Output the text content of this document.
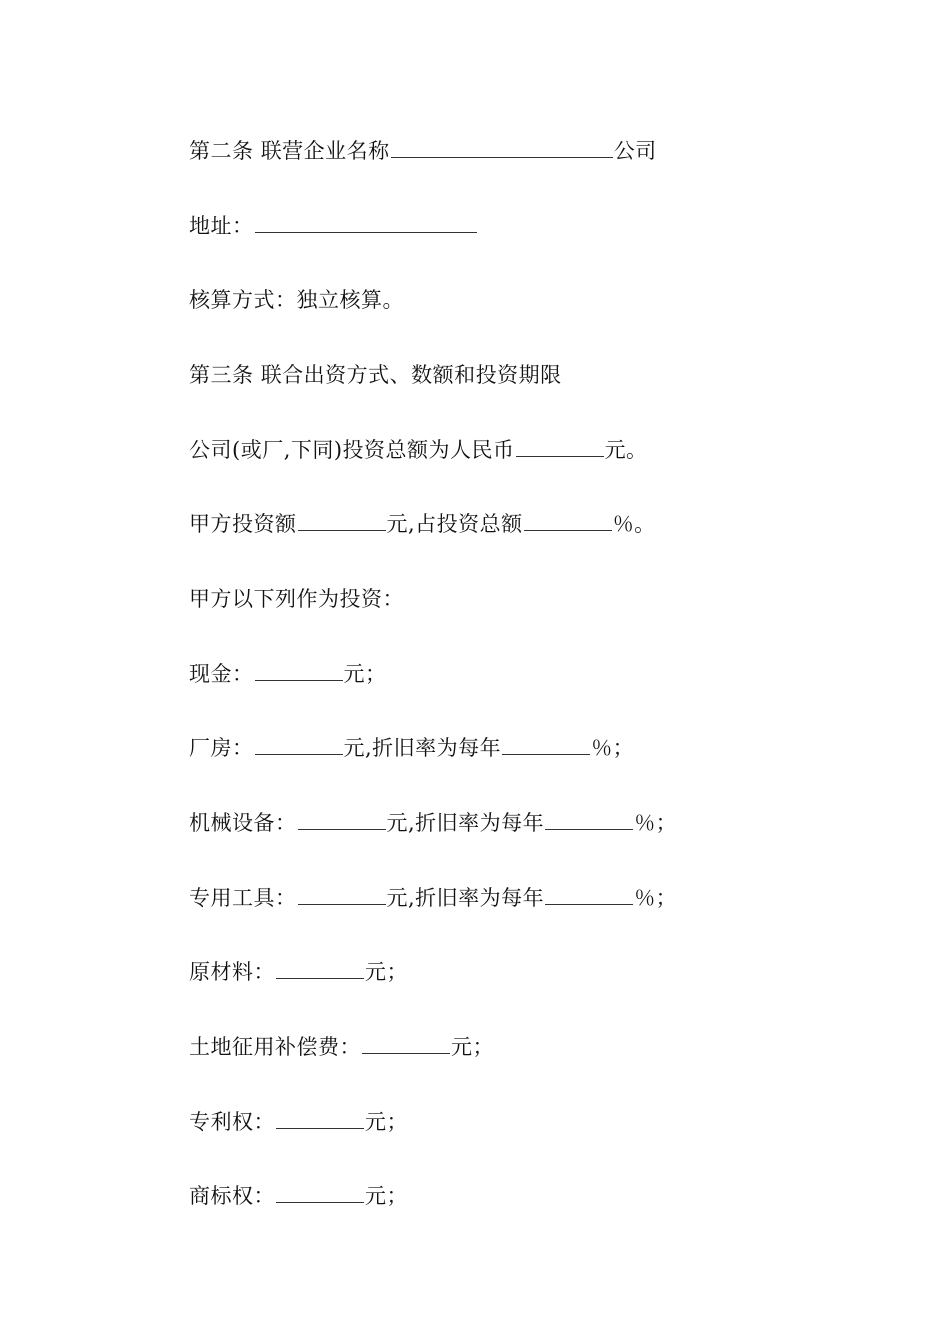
第二条 联营企业名称	公司
地址：
核算方式：独立核算。
第三条 联合出资方式、数额和投资期限
公司(或厂,下同)投资总额为人民币	元。
甲方投资额	元,占投资总额	％。
甲方以下列作为投资：
现金：	元；
厂房：	元,折旧率为每年	％；
机械设备：	元,折旧率为每年	％；
专用工具：	元,折旧率为每年	％；
原材料：	元；
土地征用补偿费：	元；
专利权：	元；
商标权：	元；
